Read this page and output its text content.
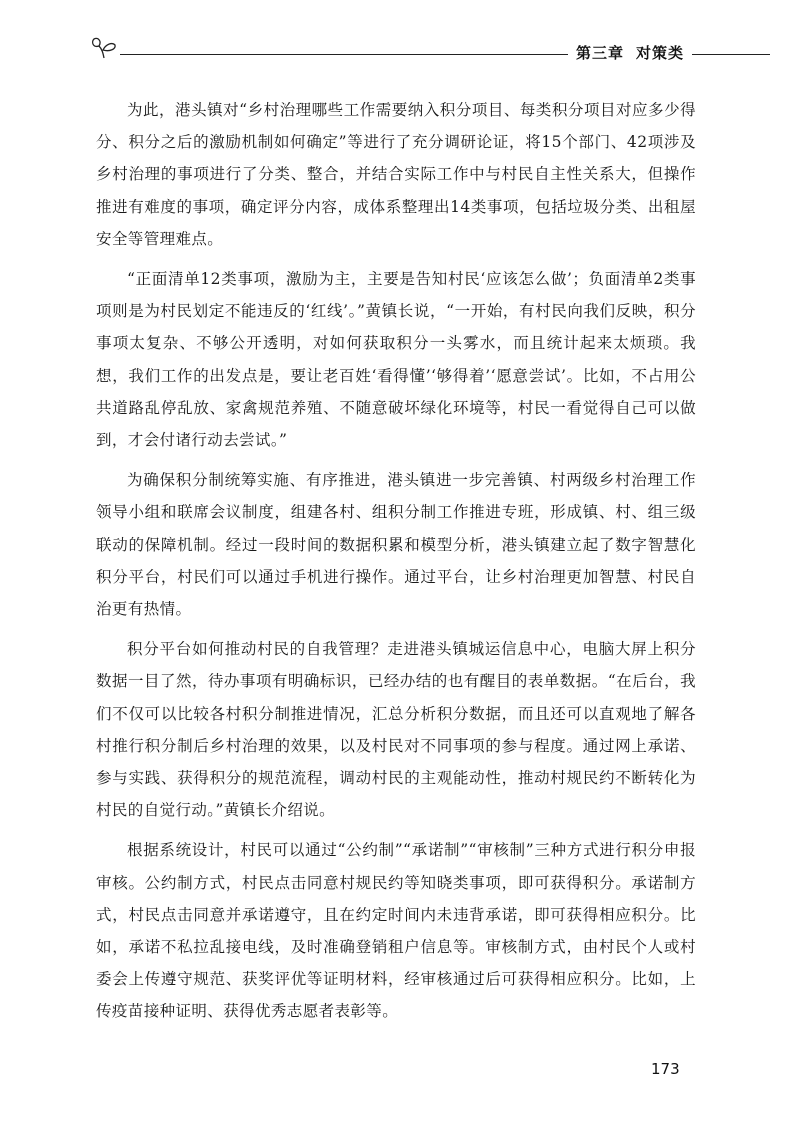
第三章 对策类

为此，港头镇对“乡村治理哪些工作需要纳入积分项目、每类积分项目对应多少得分、积分之后的激励机制如何确定”等进行了充分调研论证，将15个部门、42项涉及乡村治理的事项进行了分类、整合，并结合实际工作中与村民自主性关系大，但操作推进有难度的事项，确定评分内容，成体系整理出14类事项，包括垃圾分类、出租屋安全等管理难点。

“正面清单12类事项，激励为主，主要是告知村民‘应该怎么做’；负面清单2类事项则是为村民划定不能违反的‘红线’。”黄镇长说，“一开始，有村民向我们反映，积分事项太复杂、不够公开透明，对如何获取积分一头雾水，而且统计起来太烦琐。我想，我们工作的出发点是，要让老百姓‘看得懂’‘够得着’‘愿意尝试’。比如，不占用公共道路乱停乱放、家禽规范养殖、不随意破坏绿化环境等，村民一看觉得自己可以做到，才会付诸行动去尝试。”

为确保积分制统筹实施、有序推进，港头镇进一步完善镇、村两级乡村治理工作领导小组和联席会议制度，组建各村、组积分制工作推进专班，形成镇、村、组三级联动的保障机制。经过一段时间的数据积累和模型分析，港头镇建立起了数字智慧化积分平台，村民们可以通过手机进行操作。通过平台，让乡村治理更加智慧、村民自治更有热情。

积分平台如何推动村民的自我管理？走进港头镇城运信息中心，电脑大屏上积分数据一目了然，待办事项有明确标识，已经办结的也有醒目的表单数据。“在后台，我们不仅可以比较各村积分制推进情况，汇总分析积分数据，而且还可以直观地了解各村推行积分制后乡村治理的效果，以及村民对不同事项的参与程度。通过网上承诺、参与实践、获得积分的规范流程，调动村民的主观能动性，推动村规民约不断转化为村民的自觉行动。”黄镇长介绍说。

根据系统设计，村民可以通过“公约制”“承诺制”“审核制”三种方式进行积分申报审核。公约制方式，村民点击同意村规民约等知晓类事项，即可获得积分。承诺制方式，村民点击同意并承诺遵守，且在约定时间内未违背承诺，即可获得相应积分。比如，承诺不私拉乱接电线，及时准确登销租户信息等。审核制方式，由村民个人或村委会上传遵守规范、获奖评优等证明材料，经审核通过后可获得相应积分。比如，上传疫苗接种证明、获得优秀志愿者表彰等。

173
